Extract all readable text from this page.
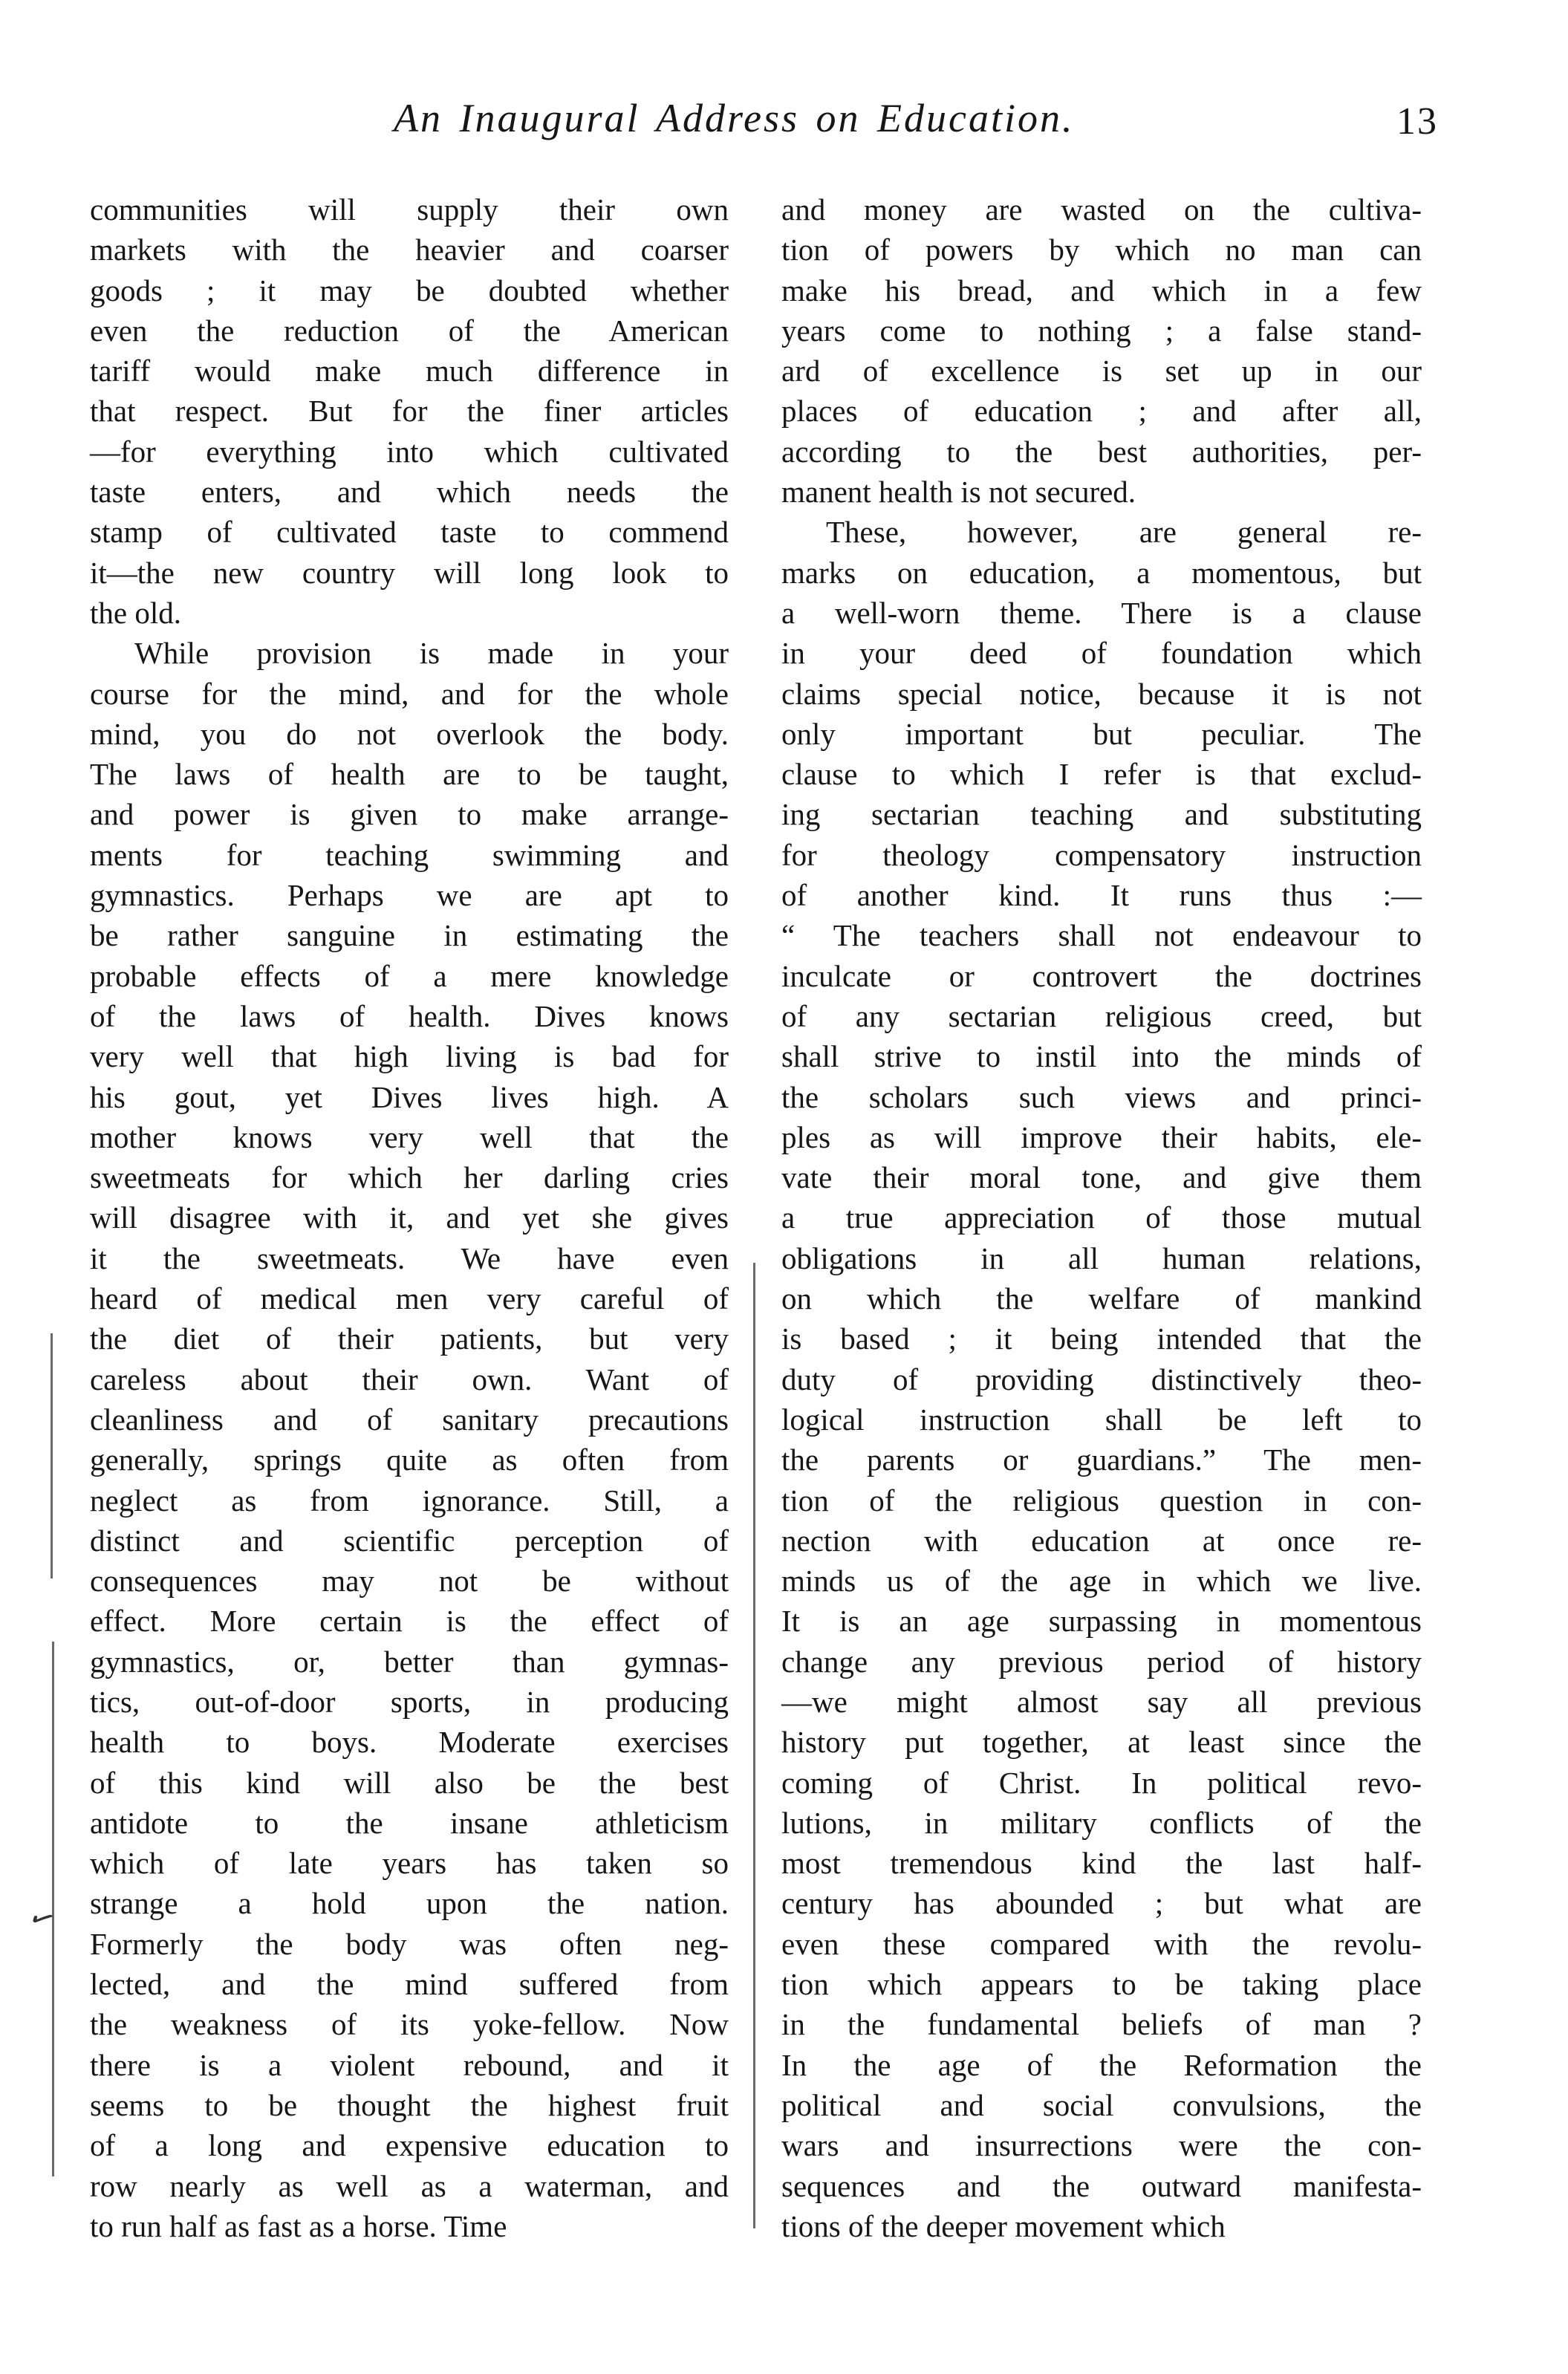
An Inaugural Address on Education.	13
communities will supply their own
markets with the heavier and coarser
goods ; it may be doubted whether
even the reduction of the American
tariff would make much difference in
that respect. But for the finer articles
—for everything into which cultivated
taste enters, and which needs the
stamp of cultivated taste to commend
it—the new country will long look to
the old.
While provision is made in your
course for the mind, and for the whole
mind, you do not overlook the body.
The laws of health are to be taught,
and power is given to make arrange-
ments for teaching swimming and
gymnastics. Perhaps we are apt to
be rather sanguine in estimating the
probable effects of a mere knowledge
of the laws of health. Dives knows
very well that high living is bad for
his gout, yet Dives lives high. A
mother knows very well that the
sweetmeats for which her darling cries
will disagree with it, and yet she gives
it the sweetmeats. We have even
heard of medical men very careful of
the diet of their patients, but very
careless about their own. Want of
cleanliness and of sanitary precautions
generally, springs quite as often from
neglect as from ignorance. Still, a
distinct and scientific perception of
consequences may not be without
effect. More certain is the effect of
gymnastics, or, better than gymnas-
tics, out-of-door sports, in producing
health to boys. Moderate exercises
of this kind will also be the best
antidote to the insane athleticism
which of late years has taken so
strange a hold upon the nation.
Formerly the body was often neg-
lected, and the mind suffered from
the weakness of its yoke-fellow. Now
there is a violent rebound, and it
seems to be thought the highest fruit
of a long and expensive education to
row nearly as well as a waterman, and
to run half as fast as a horse. Time
and money are wasted on the cultiva-
tion of powers by which no man can
make his bread, and which in a few
years come to nothing ; a false stand-
ard of excellence is set up in our
places of education ; and after all,
according to the best authorities, per-
manent health is not secured.
These, however, are general re-
marks on education, a momentous, but
a well-worn theme. There is a clause
in your deed of foundation which
claims special notice, because it is not
only important but peculiar. The
clause to which I refer is that exclud-
ing sectarian teaching and substituting
for theology compensatory instruction
of another kind. It runs thus :—
“ The teachers shall not endeavour to
inculcate or controvert the doctrines
of any sectarian religious creed, but
shall strive to instil into the minds of
the scholars such views and princi-
ples as will improve their habits, ele-
vate their moral tone, and give them
a true appreciation of those mutual
obligations in all human relations,
on which the welfare of mankind
is based ; it being intended that the
duty of providing distinctively theo-
logical instruction shall be left to
the parents or guardians.” The men-
tion of the religious question in con-
nection with education at once re-
minds us of the age in which we live.
It is an age surpassing in momentous
change any previous period of history
—we might almost say all previous
history put together, at least since the
coming of Christ. In political revo-
lutions, in military conflicts of the
most tremendous kind the last half-
century has abounded ; but what are
even these compared with the revolu-
tion which appears to be taking place
in the fundamental beliefs of man ?
In the age of the Reformation the
political and social convulsions, the
wars and insurrections were the con-
sequences and the outward manifesta-
tions of the deeper movement which
✓
